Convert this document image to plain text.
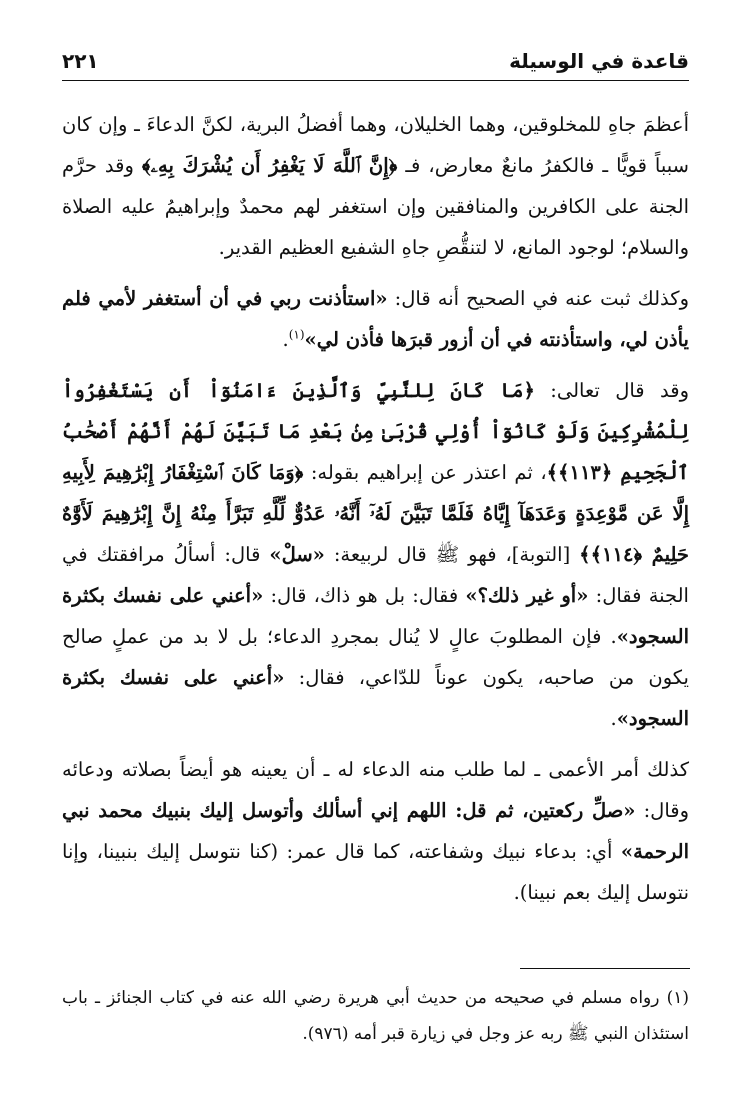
قاعدة في الوسيلة
٢٢١

أعظمَ جاهِ للمخلوقين، وهما الخليلان، وهما أفضلُ البرية، لكنَّ الدعاءَ ـ وإن كان سبباً قويًّا ـ فالكفرُ مانعٌ معارض، فـ ﴿إِنَّ ٱللَّهَ لَا يَغْفِرُ أَن يُشْرَكَ بِهِۦ﴾ وقد حرَّم الجنة على الكافرين والمنافقين وإن استغفر لهم محمدٌ وإبراهيمُ عليه الصلاة والسلام؛ لوجود المانع، لا لتنقُّصِ جاهِ الشفيع العظيم القدير.

وكذلك ثبت عنه في الصحيح أنه قال: «استأذنت ربي في أن أستغفر لأمي فلم يأذن لي، واستأذنته في أن أزور قبرَها فأذن لي»$^{(١)}$.

وقد قال تعالى: ﴿مَا كَانَ لِلنَّبِيِّ وَٱلَّذِينَ ءَامَنُوٓاْ أَن يَسْتَغْفِرُواْ لِلْمُشْرِكِينَ وَلَوْ كَانُوٓاْ أُوْلِي قُرْبَىٰ مِنۢ بَعْدِ مَا تَبَيَّنَ لَهُمْ أَنَّهُمْ أَصْحَٰبُ ٱلْجَحِيمِ ﴿١١٣﴾﴾، ثم اعتذر عن إبراهيم بقوله: ﴿وَمَا كَانَ ٱسْتِغْفَارُ إِبْرَٰهِيمَ لِأَبِيهِ إِلَّا عَن مَّوْعِدَةٍ وَعَدَهَآ إِيَّاهُ فَلَمَّا تَبَيَّنَ لَهُۥٓ أَنَّهُۥ عَدُوٌّ لِّلَّهِ تَبَرَّأَ مِنْهُ إِنَّ إِبْرَٰهِيمَ لَأَوَّٰهٌ حَلِيمٌ ﴿١١٤﴾﴾ [التوبة]، فهو ﷺ قال لربيعة: «سلْ» قال: أسألُ مرافقتك في الجنة فقال: «أو غير ذلك؟» فقال: بل هو ذاك، قال: «أعني على نفسك بكثرة السجود». فإن المطلوبَ عالٍ لا يُنال بمجردِ الدعاء؛ بل لا بد من عملٍ صالح يكون من صاحبه، يكون عوناً للدّاعي، فقال: «أعني على نفسك بكثرة السجود».

كذلك أمر الأعمى ـ لما طلب منه الدعاء له ـ أن يعينه هو أيضاً بصلاته ودعائه وقال: «صلِّ ركعتين، ثم قل: اللهم إني أسألك وأتوسل إليك بنبيك محمد نبي الرحمة» أي: بدعاء نبيك وشفاعته، كما قال عمر: (كنا نتوسل إليك بنبينا، وإنا نتوسل إليك بعم نبينا).

(١) رواه مسلم في صحيحه من حديث أبي هريرة رضي الله عنه في كتاب الجنائز ـ باب استئذان النبي ﷺ ربه عز وجل في زيارة قبر أمه (٩٧٦).
